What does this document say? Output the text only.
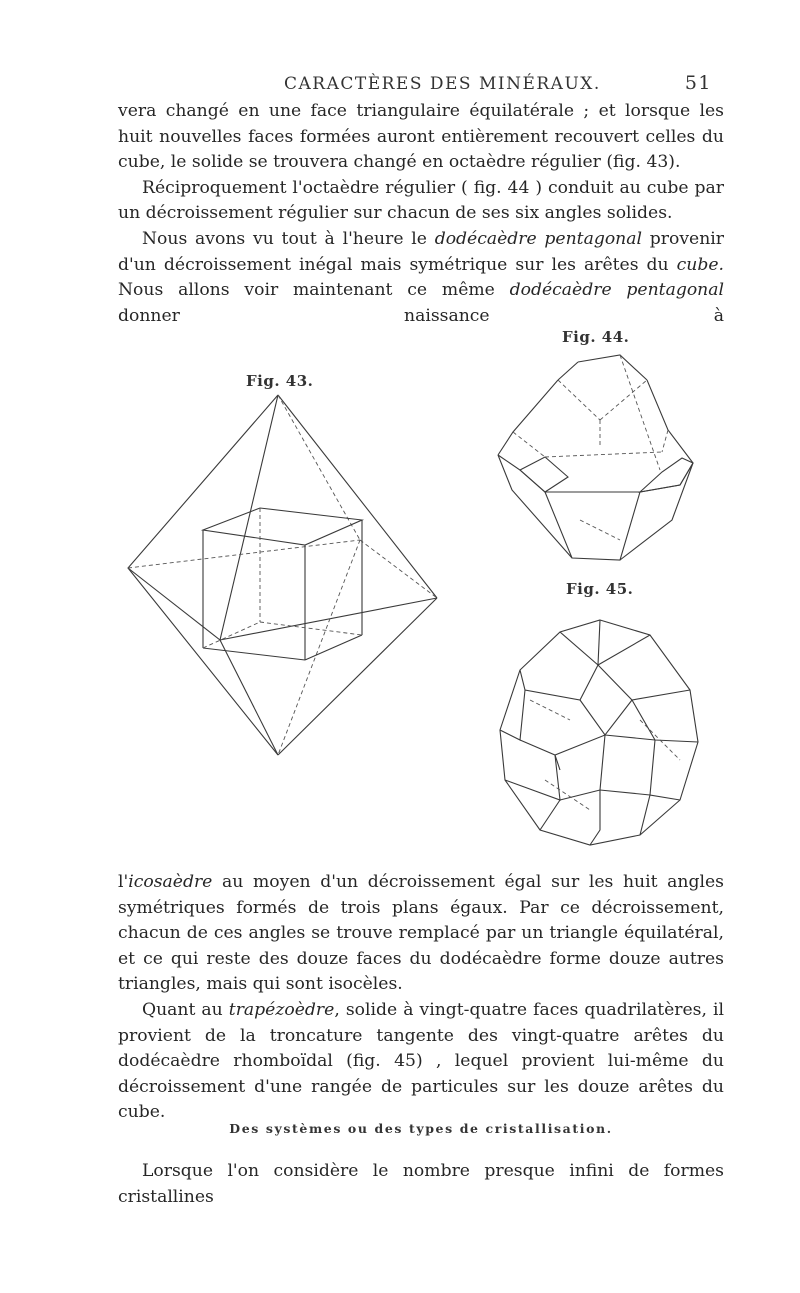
CARACTÈRES DES MINÉRAUX.	51

vera changé en une face triangulaire équilatérale ; et lorsque les huit nouvelles faces formées auront entièrement recouvert celles du cube, le solide se trouvera changé en octaèdre régulier (fig. 43).

Réciproquement l'octaèdre régulier ( fig. 44 ) conduit au cube par un décroissement régulier sur chacun de ses six angles solides.

Nous avons vu tout à l'heure le dodécaèdre pentagonal provenir d'un décroissement inégal mais symétrique sur les arêtes du cube. Nous allons voir maintenant ce même dodécaèdre pentagonal donner naissance à

Fig. 43.
Fig. 44.
Fig. 45.

l'icosaèdre au moyen d'un décroissement égal sur les huit angles symétriques formés de trois plans égaux. Par ce décroissement, chacun de ces angles se trouve remplacé par un triangle équilatéral, et ce qui reste des douze faces du dodécaèdre forme douze autres triangles, mais qui sont isocèles.

Quant au trapézoèdre, solide à vingt-quatre faces quadrilatères, il provient de la troncature tangente des vingt-quatre arêtes du dodécaèdre rhomboïdal (fig. 45) , lequel provient lui-même du décroissement d'une rangée de particules sur les douze arêtes du cube.

Des systèmes ou des types de cristallisation.

Lorsque l'on considère le nombre presque infini de formes cristallines
